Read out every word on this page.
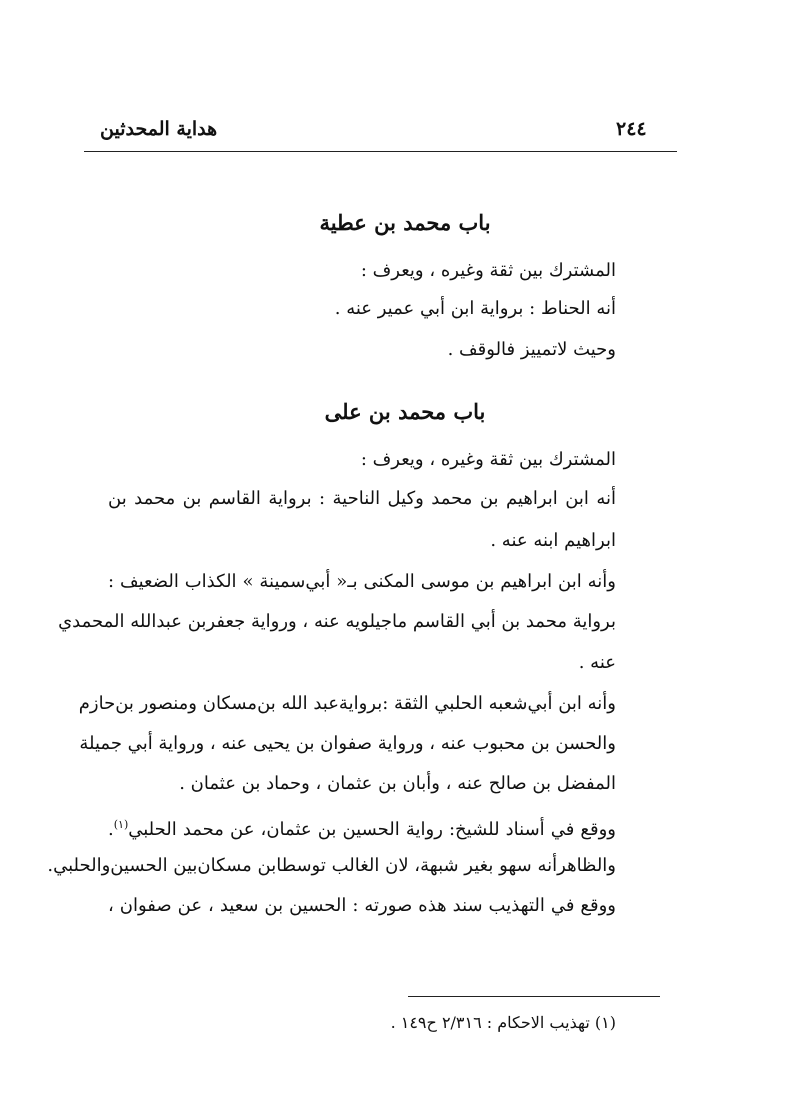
٢٤٤
هداية المحدثين
باب محمد بن عطية
المشترك بين ثقة وغيره ، ويعرف :
أنه الحناط : برواية ابن أبي عمير عنه .
وحيث لاتمييز فالوقف .
باب محمد بن على
المشترك بين ثقة وغيره ، ويعرف :
أنه ابن ابراهيم بن محمد وكيل الناحية : برواية القاسم بن محمد بن
ابراهيم ابنه عنه .
وأنه ابن ابراهيم بن موسى المكنى بـ« أبي‌سمينة » الكذاب الضعيف :
برواية محمد بن أبي القاسم ماجيلويه عنه ، ورواية جعفربن عبدالله المحمدي
عنه .
وأنه ابن أبي‌شعبه الحلبي الثقة :برواية‌عبد الله بن‌مسكان ومنصور بن‌حازم
والحسن بن محبوب عنه ، ورواية صفوان بن يحيى عنه ، ورواية أبي جميلة
المفضل بن صالح عنه ، وأبان بن عثمان ، وحماد بن عثمان .
ووقع في أسناد للشيخ: رواية الحسين بن عثمان، عن محمد الحلبي$^{(١)}$.
والظاهرأنه سهو بغير شبهة، لان الغالب توسطابن مسكان‌بين الحسين‌والحلبي.
ووقع في التهذيب سند هذه صورته : الحسين بن سعيد ، عن صفوان ،
(١) تهذيب الاحكام : ٢/٣١٦ ح١٤٩ .
